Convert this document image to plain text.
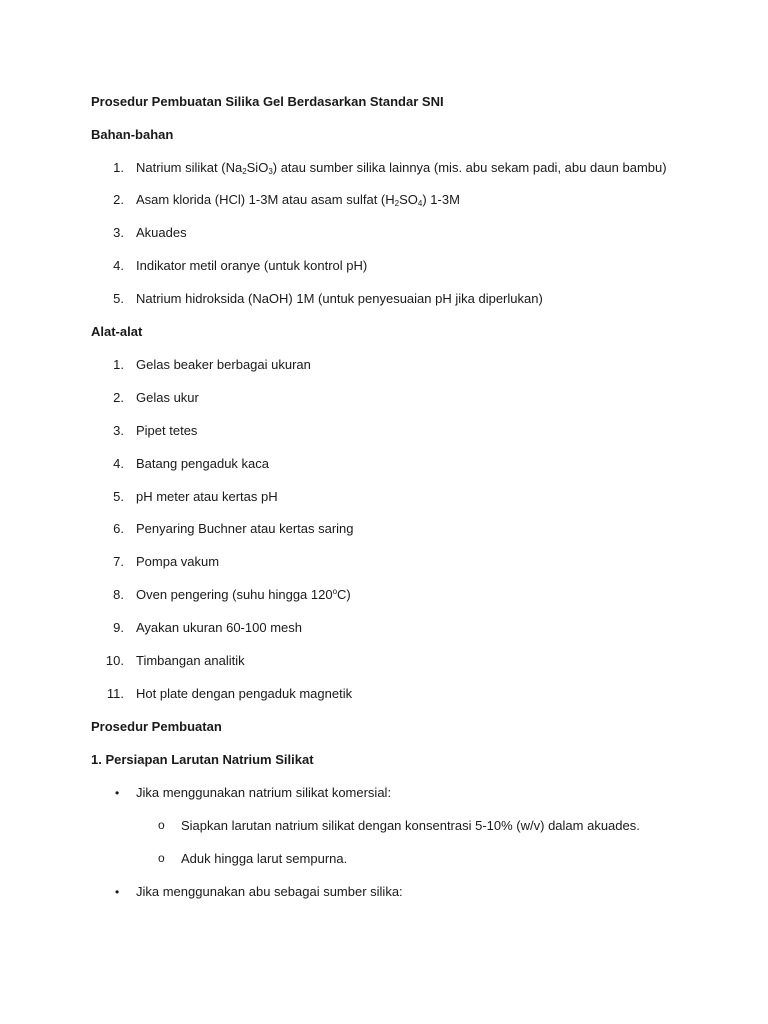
Prosedur Pembuatan Silika Gel Berdasarkan Standar SNI
Bahan-bahan
1. Natrium silikat $(Na_2SiO_3)$ atau sumber silika lainnya (mis. abu sekam padi, abu daun bambu)
2. Asam klorida (HCl) 1-3M atau asam sulfat $(H_2SO_4)$ 1-3M
3. Akuades
4. Indikator metil oranye (untuk kontrol pH)
5. Natrium hidroksida (NaOH) 1M (untuk penyesuaian pH jika diperlukan)
Alat-alat
1. Gelas beaker berbagai ukuran
2. Gelas ukur
3. Pipet tetes
4. Batang pengaduk kaca
5. pH meter atau kertas pH
6. Penyaring Buchner atau kertas saring
7. Pompa vakum
8. Oven pengering (suhu hingga 120$^o$C)
9. Ayakan ukuran 60-100 mesh
10. Timbangan analitik
11. Hot plate dengan pengaduk magnetik
Prosedur Pembuatan
1. Persiapan Larutan Natrium Silikat
• Jika menggunakan natrium silikat komersial:
o Siapkan larutan natrium silikat dengan konsentrasi 5-10% (w/v) dalam akuades.
o Aduk hingga larut sempurna.
• Jika menggunakan abu sebagai sumber silika:
